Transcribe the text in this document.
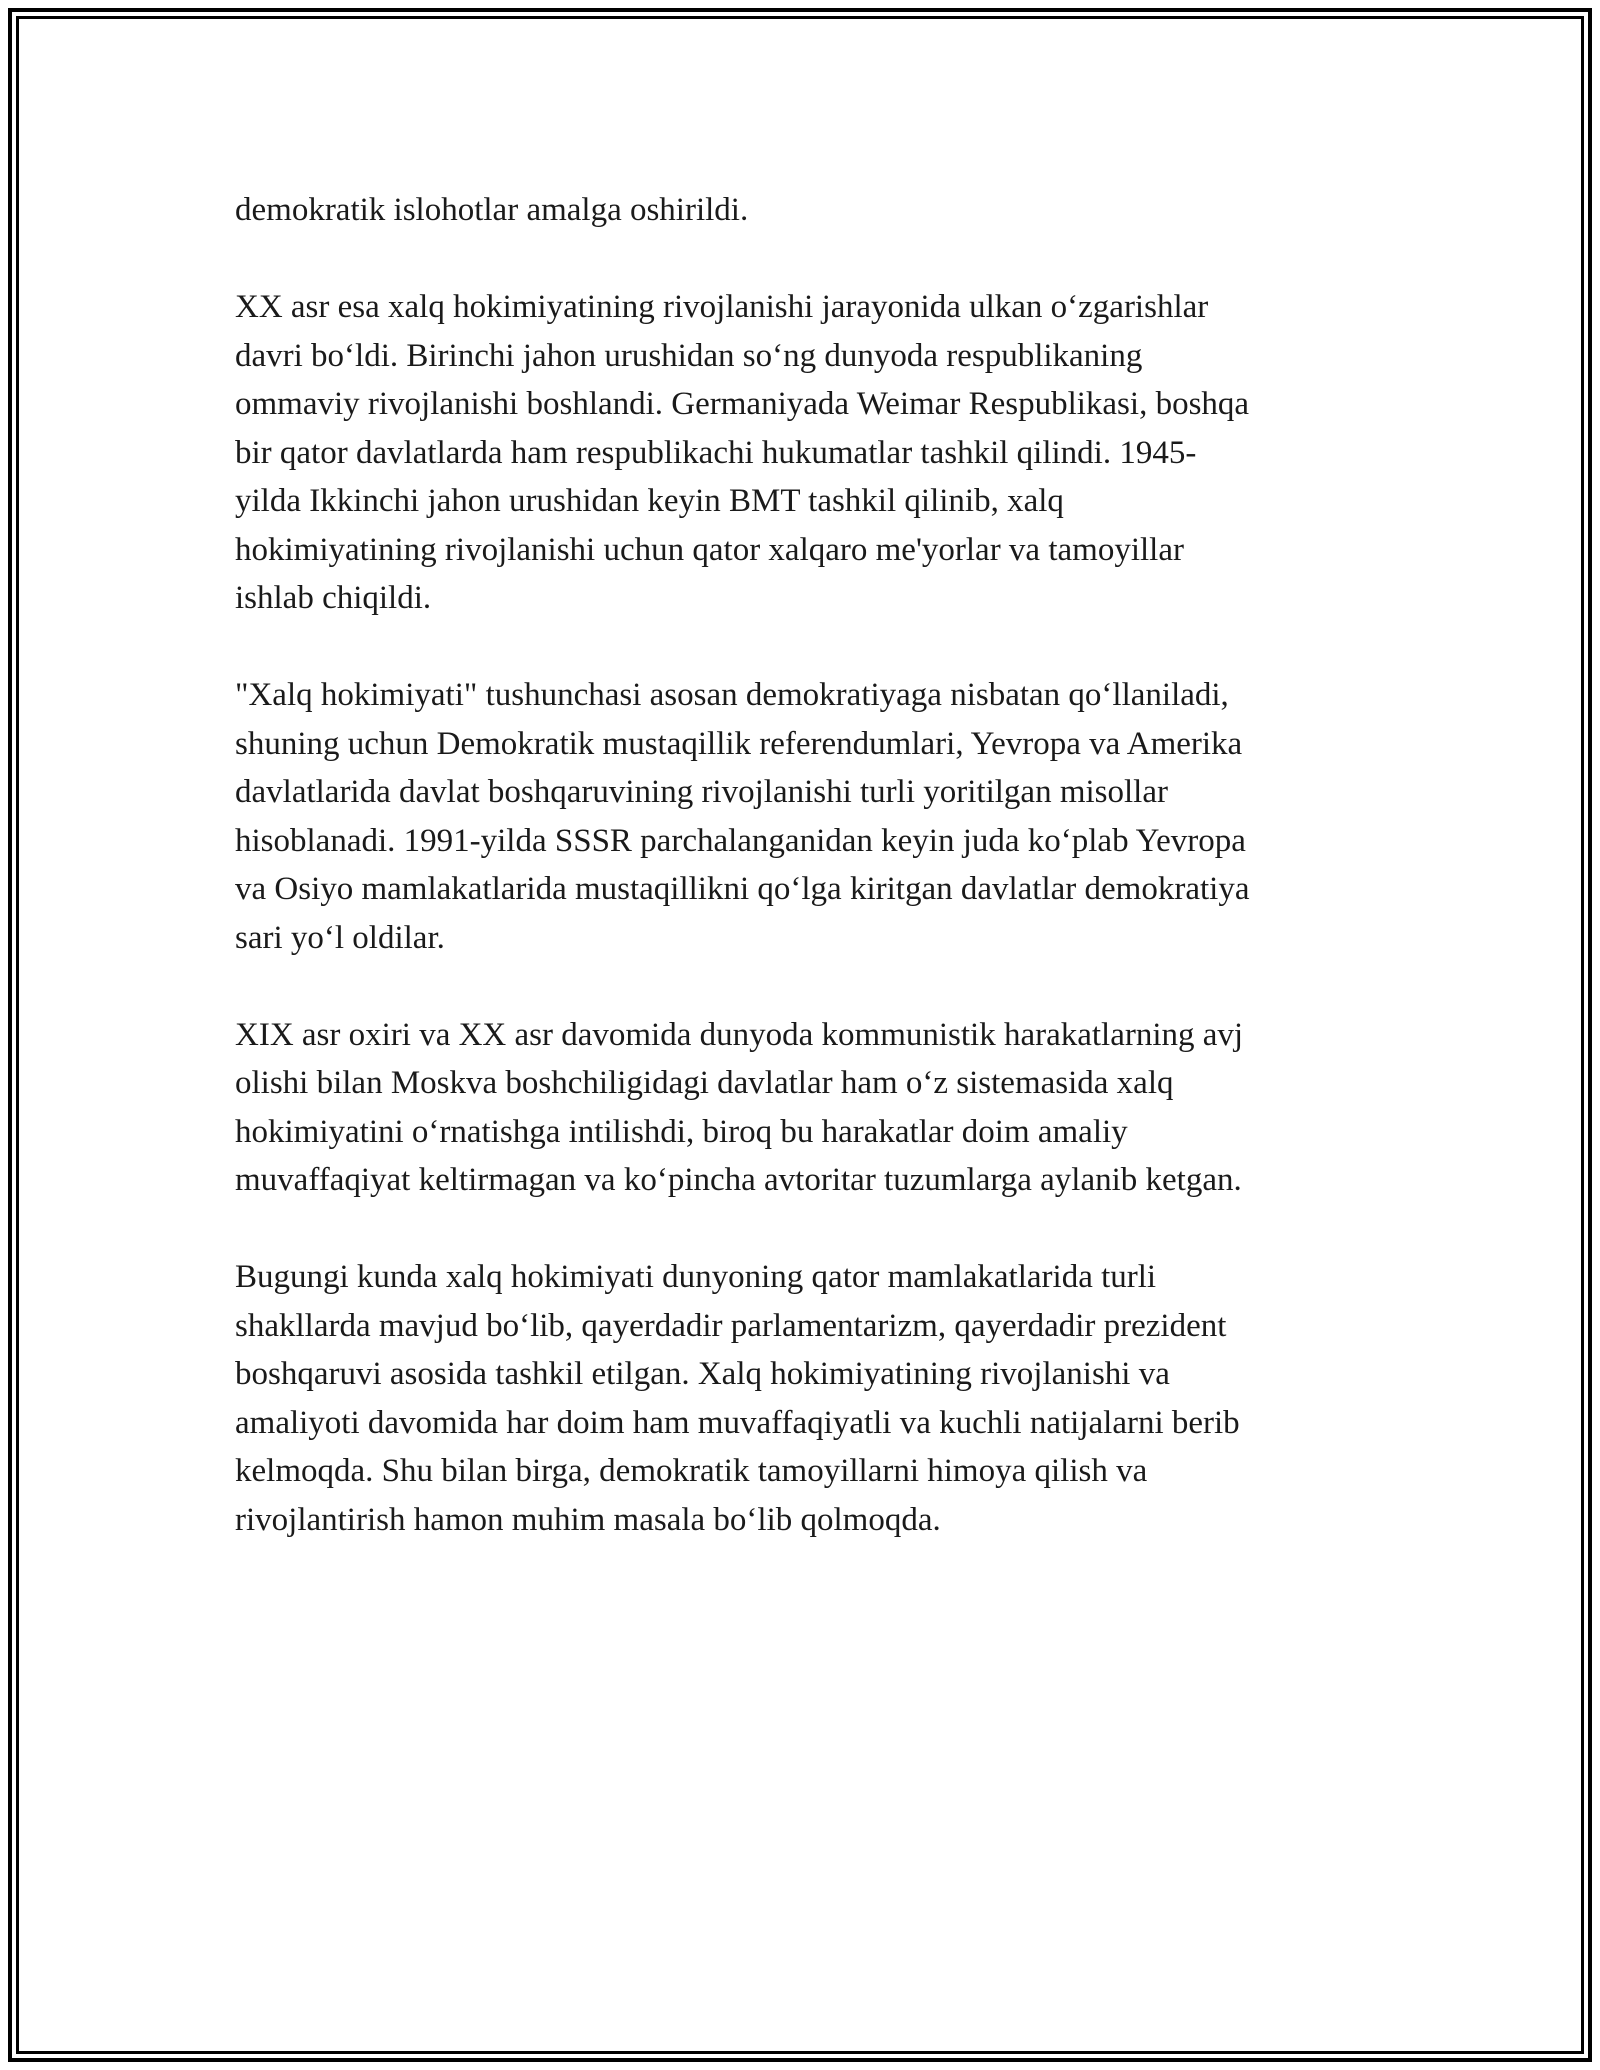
demokratik islohotlar amalga oshirildi.

XX asr esa xalq hokimiyatining rivojlanishi jarayonida ulkan o‘zgarishlar
davri bo‘ldi. Birinchi jahon urushidan so‘ng dunyoda respublikaning
ommaviy rivojlanishi boshlandi. Germaniyada Weimar Respublikasi, boshqa
bir qator davlatlarda ham respublikachi hukumatlar tashkil qilindi. 1945-
yilda Ikkinchi jahon urushidan keyin BMT tashkil qilinib, xalq
hokimiyatining rivojlanishi uchun qator xalqaro me'yorlar va tamoyillar
ishlab chiqildi.

"Xalq hokimiyati" tushunchasi asosan demokratiyaga nisbatan qo‘llaniladi,
shuning uchun Demokratik mustaqillik referendumlari, Yevropa va Amerika
davlatlarida davlat boshqaruvining rivojlanishi turli yoritilgan misollar
hisoblanadi. 1991-yilda SSSR parchalanganidan keyin juda ko‘plab Yevropa
va Osiyo mamlakatlarida mustaqillikni qo‘lga kiritgan davlatlar demokratiya
sari yo‘l oldilar.

XIX asr oxiri va XX asr davomida dunyoda kommunistik harakatlarning avj
olishi bilan Moskva boshchiligidagi davlatlar ham o‘z sistemasida xalq
hokimiyatini o‘rnatishga intilishdi, biroq bu harakatlar doim amaliy
muvaffaqiyat keltirmagan va ko‘pincha avtoritar tuzumlarga aylanib ketgan.

Bugungi kunda xalq hokimiyati dunyoning qator mamlakatlarida turli
shakllarda mavjud bo‘lib, qayerdadir parlamentarizm, qayerdadir prezident
boshqaruvi asosida tashkil etilgan. Xalq hokimiyatining rivojlanishi va
amaliyoti davomida har doim ham muvaffaqiyatli va kuchli natijalarni berib
kelmoqda. Shu bilan birga, demokratik tamoyillarni himoya qilish va
rivojlantirish hamon muhim masala bo‘lib qolmoqda.
